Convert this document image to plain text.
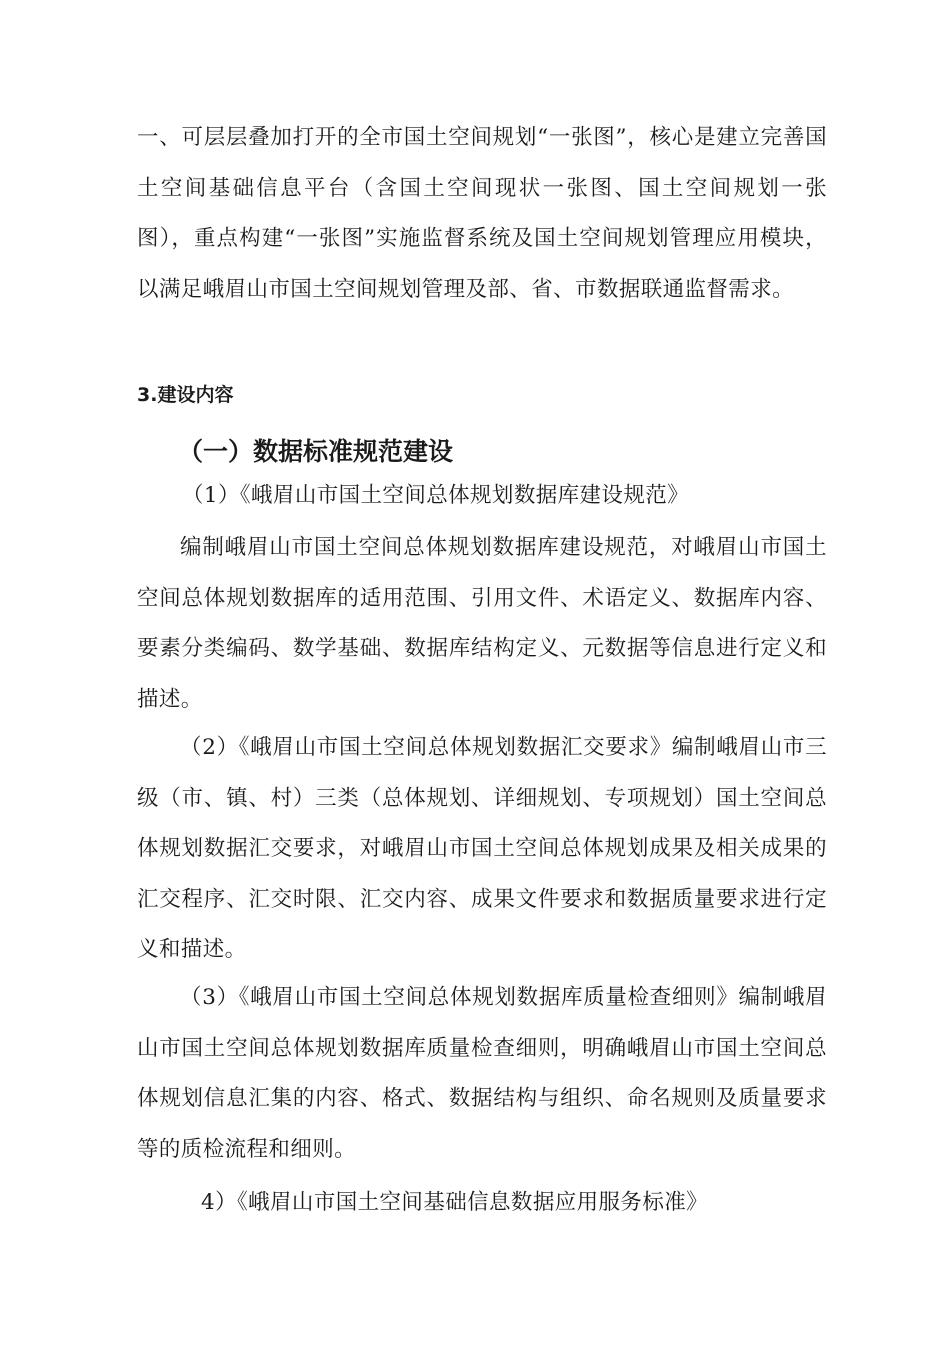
一、可层层叠加打开的全市国土空间规划“一张图”，核心是建立完善国土空间基础信息平台（含国土空间现状一张图、国土空间规划一张图），重点构建“一张图”实施监督系统及国土空间规划管理应用模块，以满足峨眉山市国土空间规划管理及部、省、市数据联通监督需求。

3.建设内容
（一）数据标准规范建设

（1）《峨眉山市国土空间总体规划数据库建设规范》

编制峨眉山市国土空间总体规划数据库建设规范，对峨眉山市国土空间总体规划数据库的适用范围、引用文件、术语定义、数据库内容、要素分类编码、数学基础、数据库结构定义、元数据等信息进行定义和描述。

（2）《峨眉山市国土空间总体规划数据汇交要求》编制峨眉山市三级（市、镇、村）三类（总体规划、详细规划、专项规划）国土空间总体规划数据汇交要求，对峨眉山市国土空间总体规划成果及相关成果的汇交程序、汇交时限、汇交内容、成果文件要求和数据质量要求进行定义和描述。

（3）《峨眉山市国土空间总体规划数据库质量检查细则》编制峨眉山市国土空间总体规划数据库质量检查细则，明确峨眉山市国土空间总体规划信息汇集的内容、格式、数据结构与组织、命名规则及质量要求等的质检流程和细则。

4）《峨眉山市国土空间基础信息数据应用服务标准》
